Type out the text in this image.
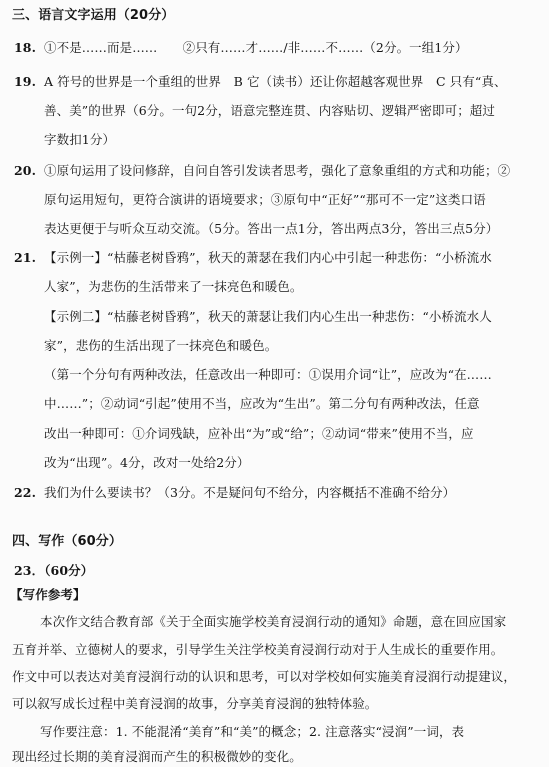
三、语言文字运用（20分）
18. ①不是……而是……　　②只有……才……/非……不……（2分。一组1分）
19. A 符号的世界是一个重组的世界　B 它（读书）还让你超越客观世界　C 只有“真、
善、美”的世界（6分。一句2分，语意完整连贯、内容贴切、逻辑严密即可；超过
字数扣1分）
20. ①原句运用了设问修辞，自问自答引发读者思考，强化了意象重组的方式和功能；②
原句运用短句，更符合演讲的语境要求；③原句中“正好”“那可不一定”这类口语
表达更便于与听众互动交流。（5分。答出一点1分，答出两点3分，答出三点5分）
21. 【示例一】“枯藤老树昏鸦”，秋天的萧瑟在我们内心中引起一种悲伤：“小桥流水
人家”，为悲伤的生活带来了一抹亮色和暖色。
【示例二】“枯藤老树昏鸦”，秋天的萧瑟让我们内心生出一种悲伤：“小桥流水人
家”，悲伤的生活出现了一抹亮色和暖色。
（第一个分句有两种改法，任意改出一种即可：①误用介词“让”，应改为“在……
中……”；②动词“引起”使用不当，应改为“生出”。第二分句有两种改法，任意
改出一种即可：①介词残缺，应补出“为”或“给”；②动词“带来”使用不当，应
改为“出现”。4分，改对一处给2分）
22. 我们为什么要读书？（3分。不是疑问句不给分，内容概括不准确不给分）
四、写作（60分）
23．（60分）
【写作参考】
本次作文结合教育部《关于全面实施学校美育浸润行动的通知》命题，意在回应国家
五育并举、立德树人的要求，引导学生关注学校美育浸润行动对于人生成长的重要作用。
作文中可以表达对美育浸润行动的认识和思考，可以对学校如何实施美育浸润行动提建议，
可以叙写成长过程中美育浸润的故事，分享美育浸润的独特体验。
写作要注意：1. 不能混淆“美育”和“美”的概念；2. 注意落实“浸润”一词，表
现出经过长期的美育浸润而产生的积极微妙的变化。
